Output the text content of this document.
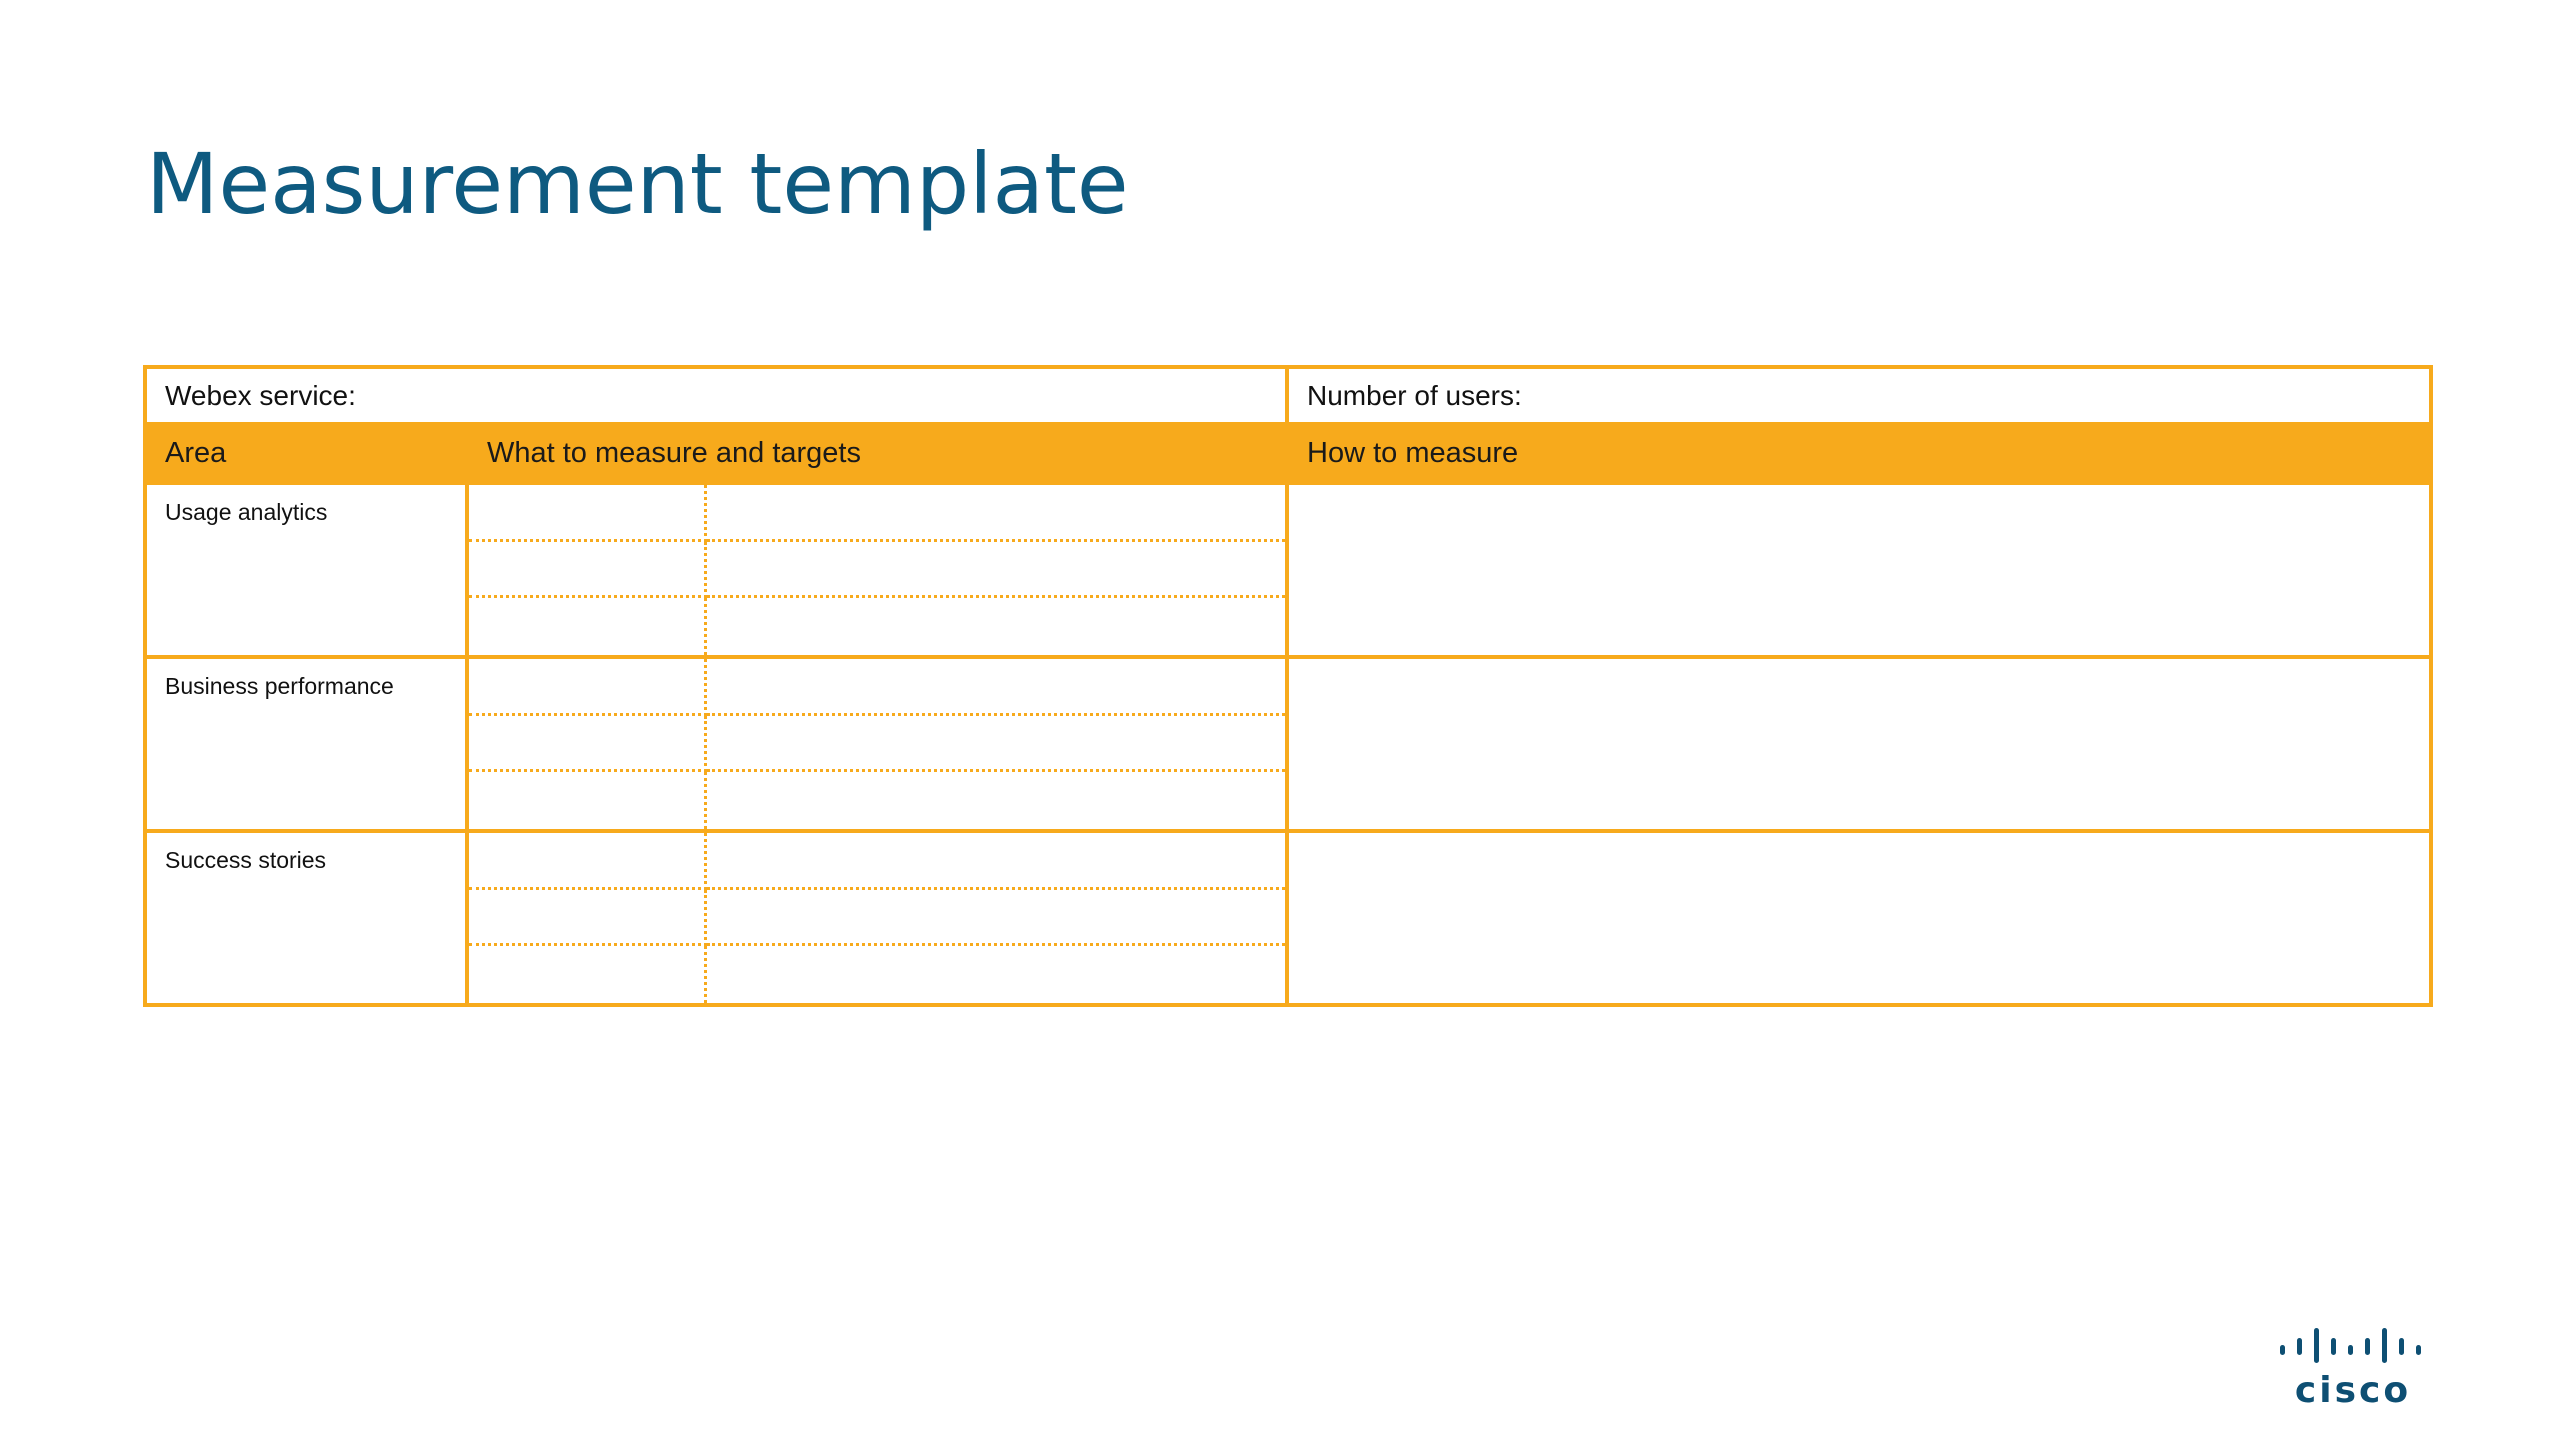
Measurement template
Webex service:		Number of users:
Area	What to measure and targets	How to measure

Usage analytics		

Business performance		

Success stories		

cisco
